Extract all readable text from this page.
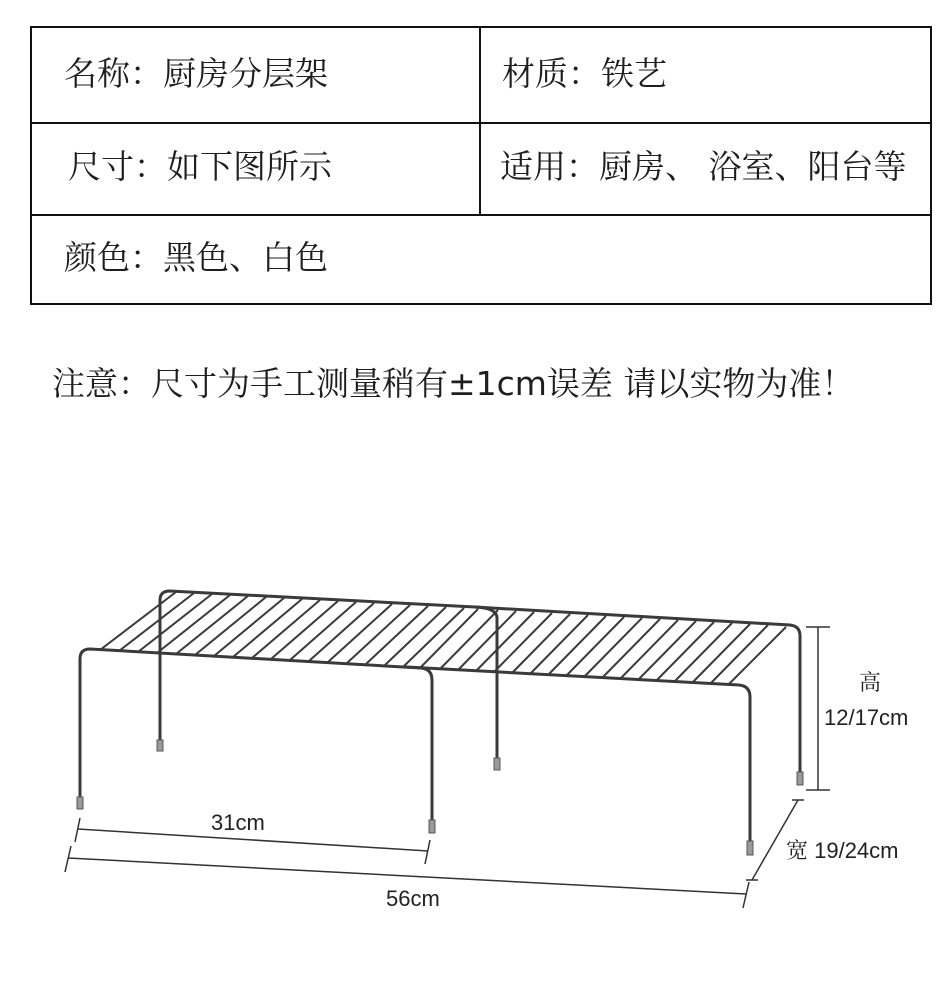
名称：厨房分层架	材质：铁艺
尺寸：如下图所示	适用：厨房、 浴室、阳台等
颜色：黑色、白色
注意：尺寸为手工测量稍有±1cm误差 请以实物为准！
高
12/17cm
宽 19/24cm
31cm
56cm
